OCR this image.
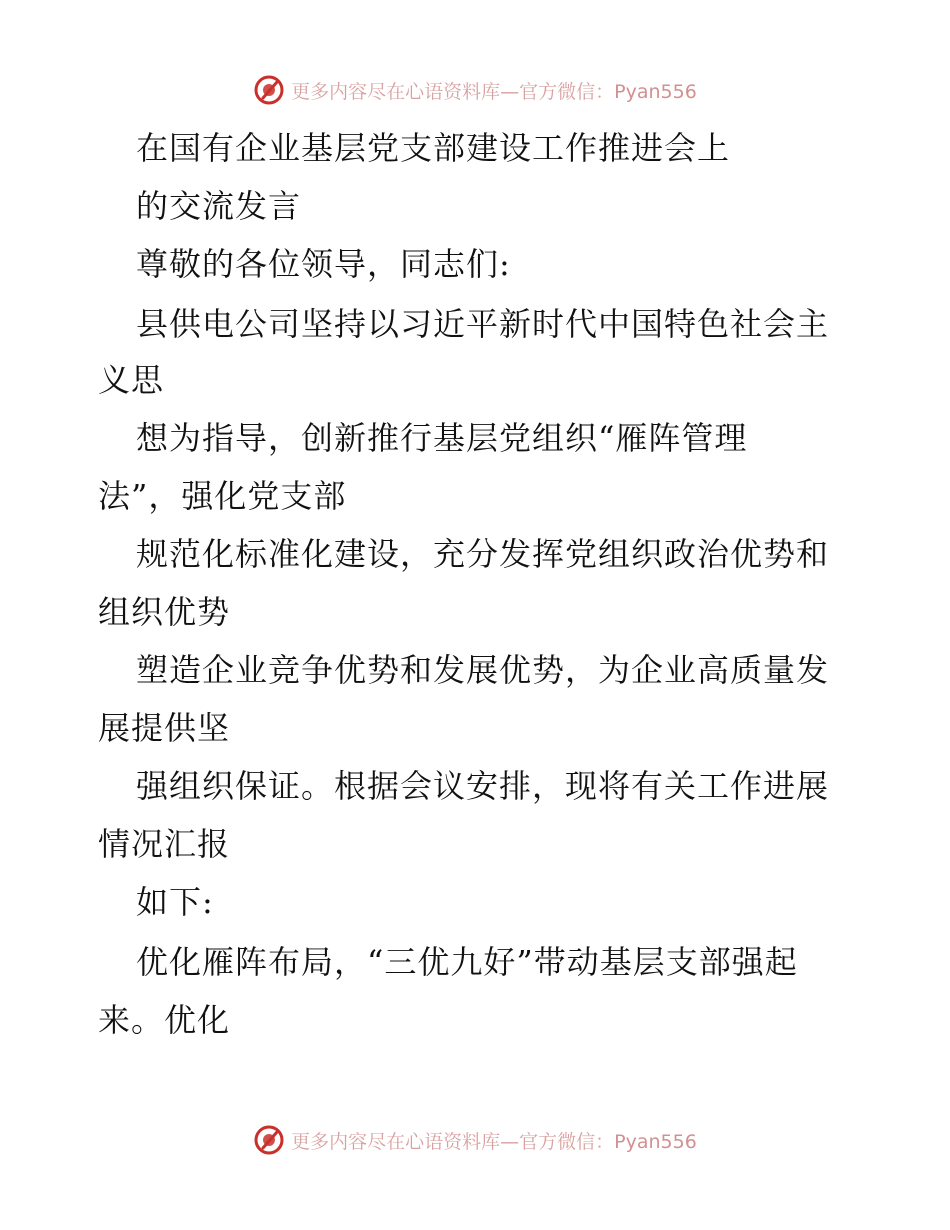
更多内容尽在心语资料库—官方微信：Pyan556
在国有企业基层党支部建设工作推进会上
的交流发言
尊敬的各位领导，同志们:
县供电公司坚持以习近平新时代中国特色社会主
义思
想为指导，创新推行基层党组织“雁阵管理
法”，强化党支部
规范化标准化建设，充分发挥党组织政治优势和
组织优势
塑造企业竞争优势和发展优势，为企业高质量发
展提供坚
强组织保证。根据会议安排，现将有关工作进展
情况汇报
如下:
优化雁阵布局，“三优九好”带动基层支部强起
来。优化
更多内容尽在心语资料库—官方微信：Pyan556
